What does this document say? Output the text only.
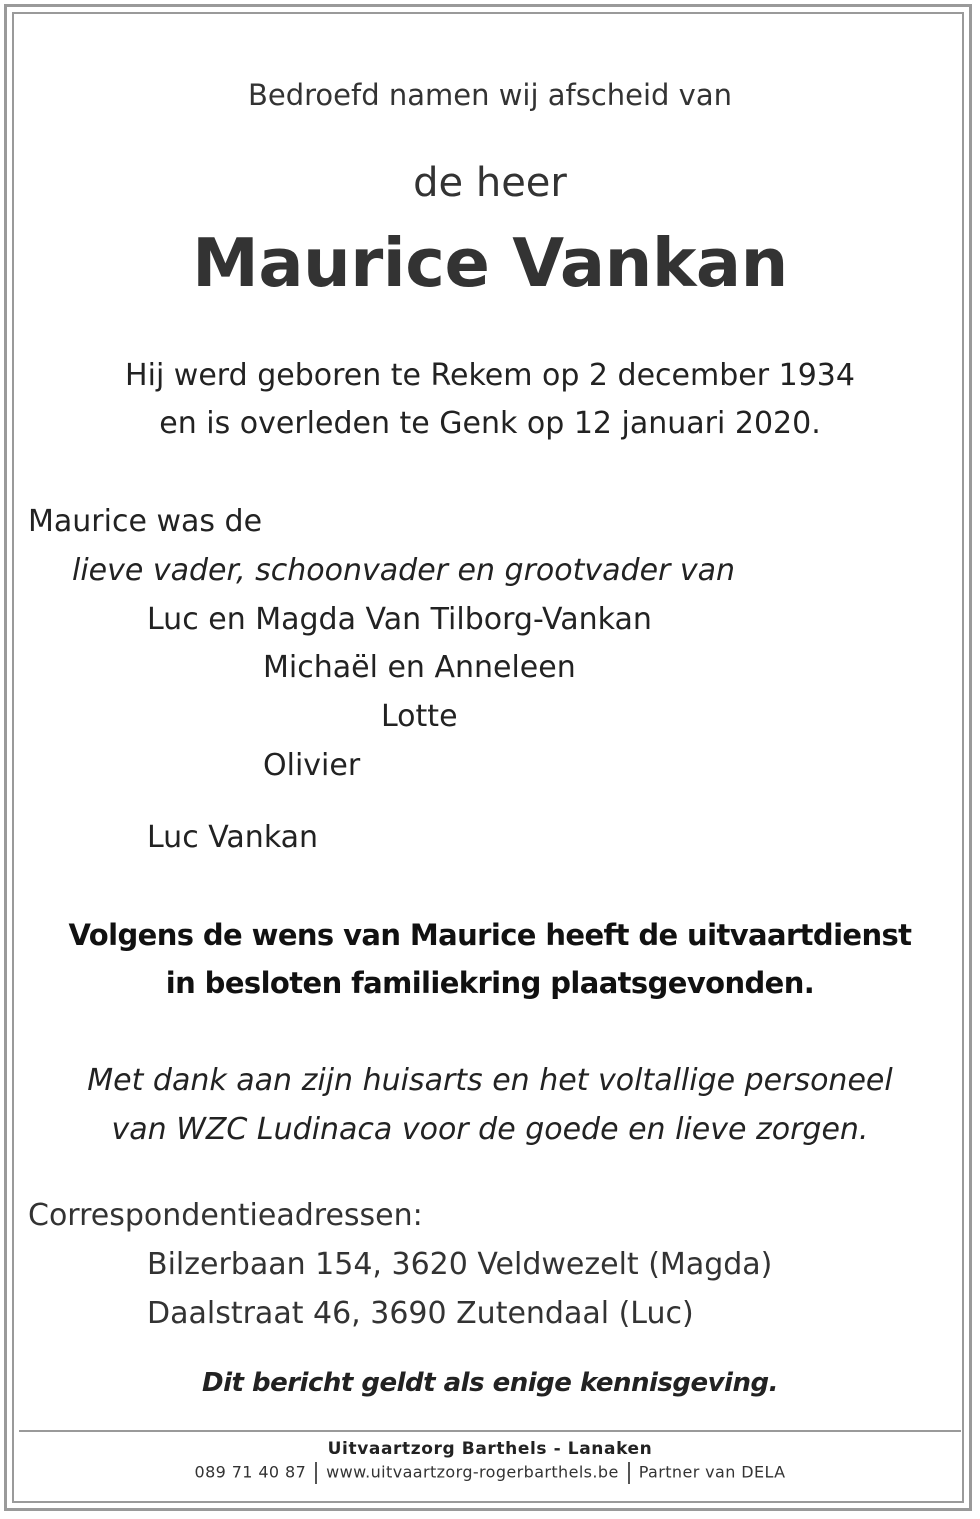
Bedroefd namen wij afscheid van
de heer
Maurice Vankan
Hij werd geboren te Rekem op 2 december 1934
en is overleden te Genk op 12 januari 2020.
Maurice was de
lieve vader, schoonvader en grootvader van
Luc en Magda Van Tilborg-Vankan
Michaël en Anneleen
Lotte
Olivier
Luc Vankan
Volgens de wens van Maurice heeft de uitvaartdienst
in besloten familiekring plaatsgevonden.
Met dank aan zijn huisarts en het voltallige personeel
van WZC Ludinaca voor de goede en lieve zorgen.
Correspondentieadressen:
Bilzerbaan 154, 3620 Veldwezelt (Magda)
Daalstraat 46, 3690 Zutendaal (Luc)
Dit bericht geldt als enige kennisgeving.
Uitvaartzorg Barthels - Lanaken
089 71 40 87 www.uitvaartzorg-rogerbarthels.be Partner van DELA
